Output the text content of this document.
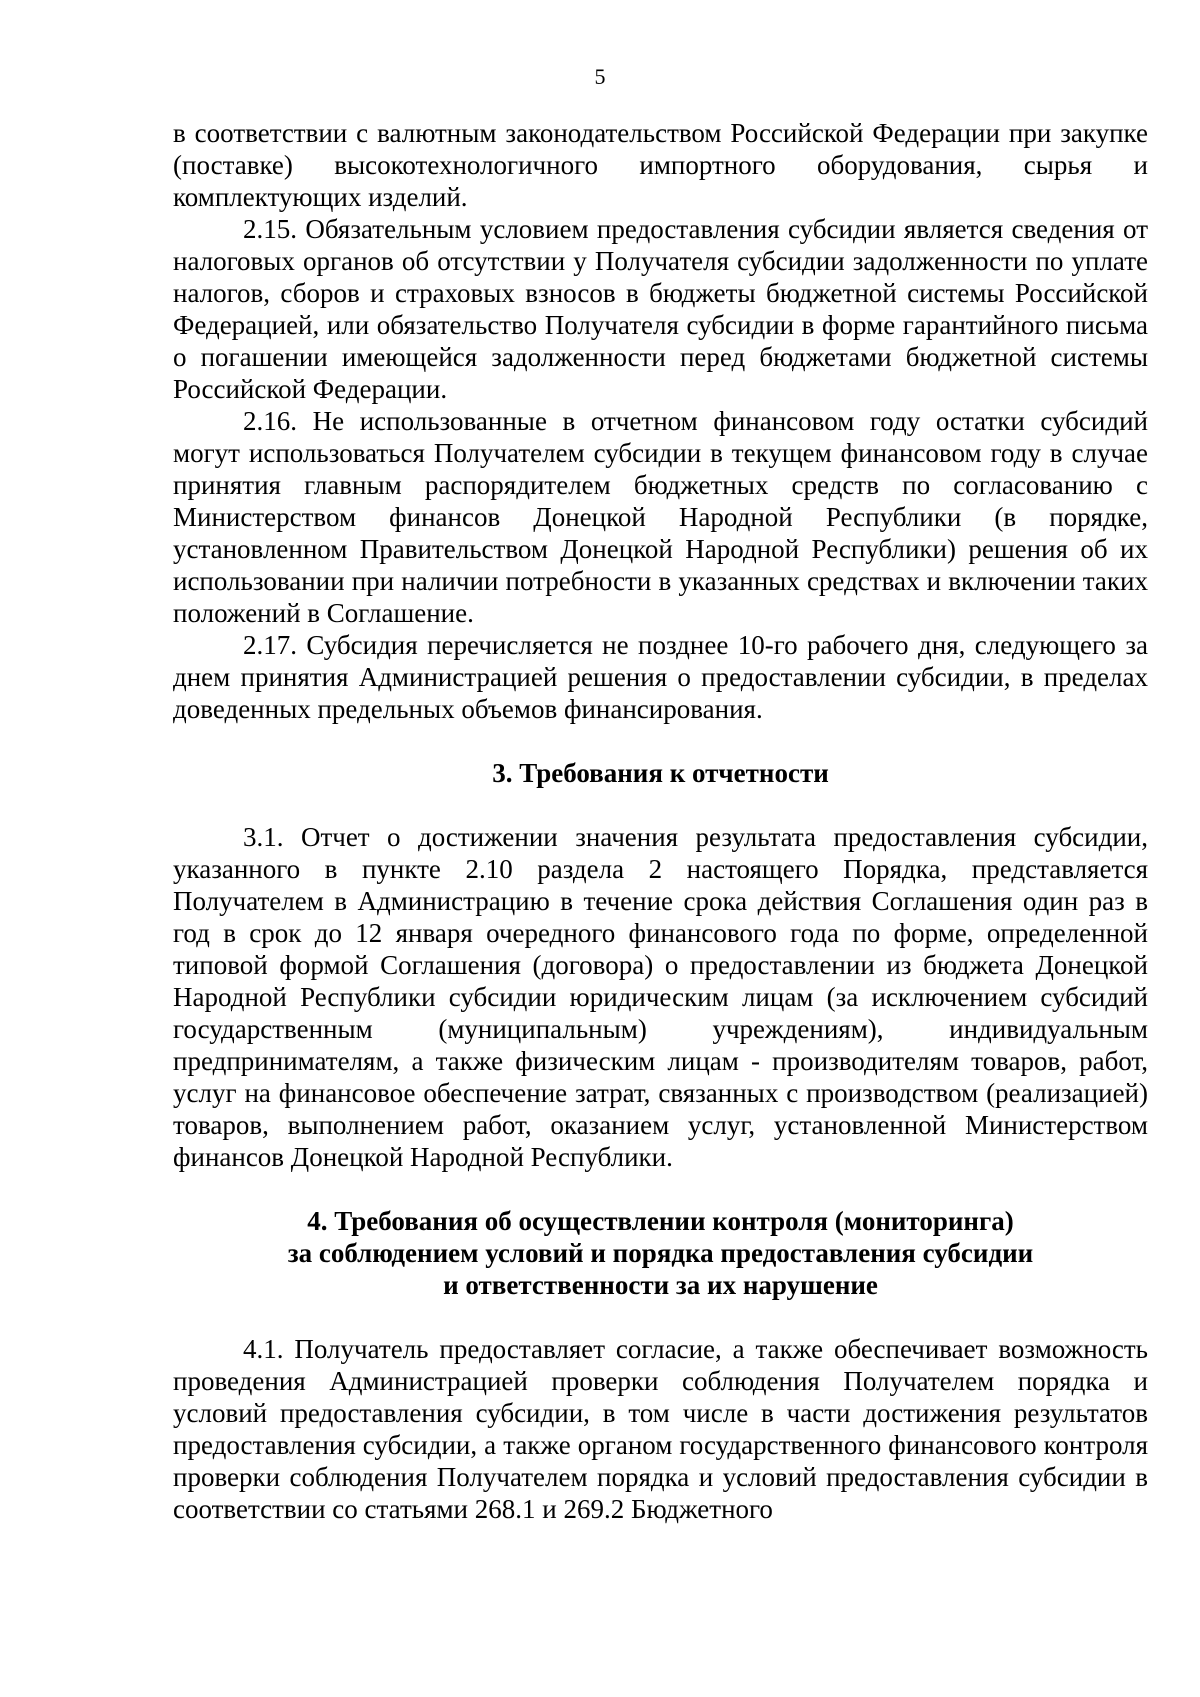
5

в соответствии с валютным законодательством Российской Федерации при закупке (поставке) высокотехнологичного импортного оборудования, сырья и комплектующих изделий.

2.15. Обязательным условием предоставления субсидии является сведения от налоговых органов об отсутствии у Получателя субсидии задолженности по уплате налогов, сборов и страховых взносов в бюджеты бюджетной системы Российской Федерацией, или обязательство Получателя субсидии в форме гарантийного письма о погашении имеющейся задолженности перед бюджетами бюджетной системы Российской Федерации.

2.16. Не использованные в отчетном финансовом году остатки субсидий могут использоваться Получателем субсидии в текущем финансовом году в случае принятия главным распорядителем бюджетных средств по согласованию с Министерством финансов Донецкой Народной Республики (в порядке, установленном Правительством Донецкой Народной Республики) решения об их использовании при наличии потребности в указанных средствах и включении таких положений в Соглашение.

2.17. Субсидия перечисляется не позднее 10-го рабочего дня, следующего за днем принятия Администрацией решения о предоставлении субсидии, в пределах доведенных предельных объемов финансирования.

3. Требования к отчетности

3.1. Отчет о достижении значения результата предоставления субсидии, указанного в пункте 2.10 раздела 2 настоящего Порядка, представляется Получателем в Администрацию в течение срока действия Соглашения один раз в год в срок до 12 января очередного финансового года по форме, определенной типовой формой Соглашения (договора) о предоставлении из бюджета Донецкой Народной Республики субсидии юридическим лицам (за исключением субсидий государственным (муниципальным) учреждениям), индивидуальным предпринимателям, а также физическим лицам - производителям товаров, работ, услуг на финансовое обеспечение затрат, связанных с производством (реализацией) товаров, выполнением работ, оказанием услуг, установленной Министерством финансов Донецкой Народной Республики.

4. Требования об осуществлении контроля (мониторинга)

за соблюдением условий и порядка предоставления субсидии

и ответственности за их нарушение

4.1. Получатель предоставляет согласие, а также обеспечивает возможность проведения Администрацией проверки соблюдения Получателем порядка и условий предоставления субсидии, в том числе в части достижения результатов предоставления субсидии, а также органом государственного финансового контроля проверки соблюдения Получателем порядка и условий предоставления субсидии в соответствии со статьями 268.1 и 269.2 Бюджетного
